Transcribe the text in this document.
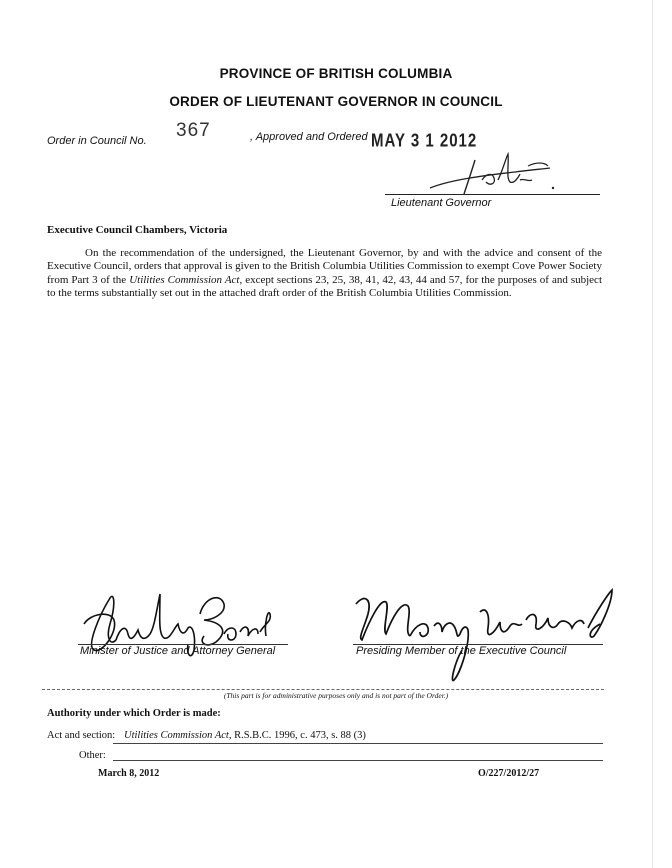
PROVINCE OF BRITISH COLUMBIA
ORDER OF LIEUTENANT GOVERNOR IN COUNCIL
Order in Council No. 367	, Approved and Ordered MAY 3 1 2012
Lieutenant Governor
Executive Council Chambers, Victoria
On the recommendation of the undersigned, the Lieutenant Governor, by and with the advice and consent of the Executive Council, orders that approval is given to the British Columbia Utilities Commission to exempt Cove Power Society from Part 3 of the Utilities Commission Act, except sections 23, 25, 38, 41, 42, 43, 44 and 57, for the purposes of and subject to the terms substantially set out in the attached draft order of the British Columbia Utilities Commission.
Minister of Justice and Attorney General	Presiding Member of the Executive Council
(This part is for administrative purposes only and is not part of the Order.)
Authority under which Order is made:
Act and section: Utilities Commission Act, R.S.B.C. 1996, c. 473, s. 88 (3)
Other:
March 8, 2012	O/227/2012/27
